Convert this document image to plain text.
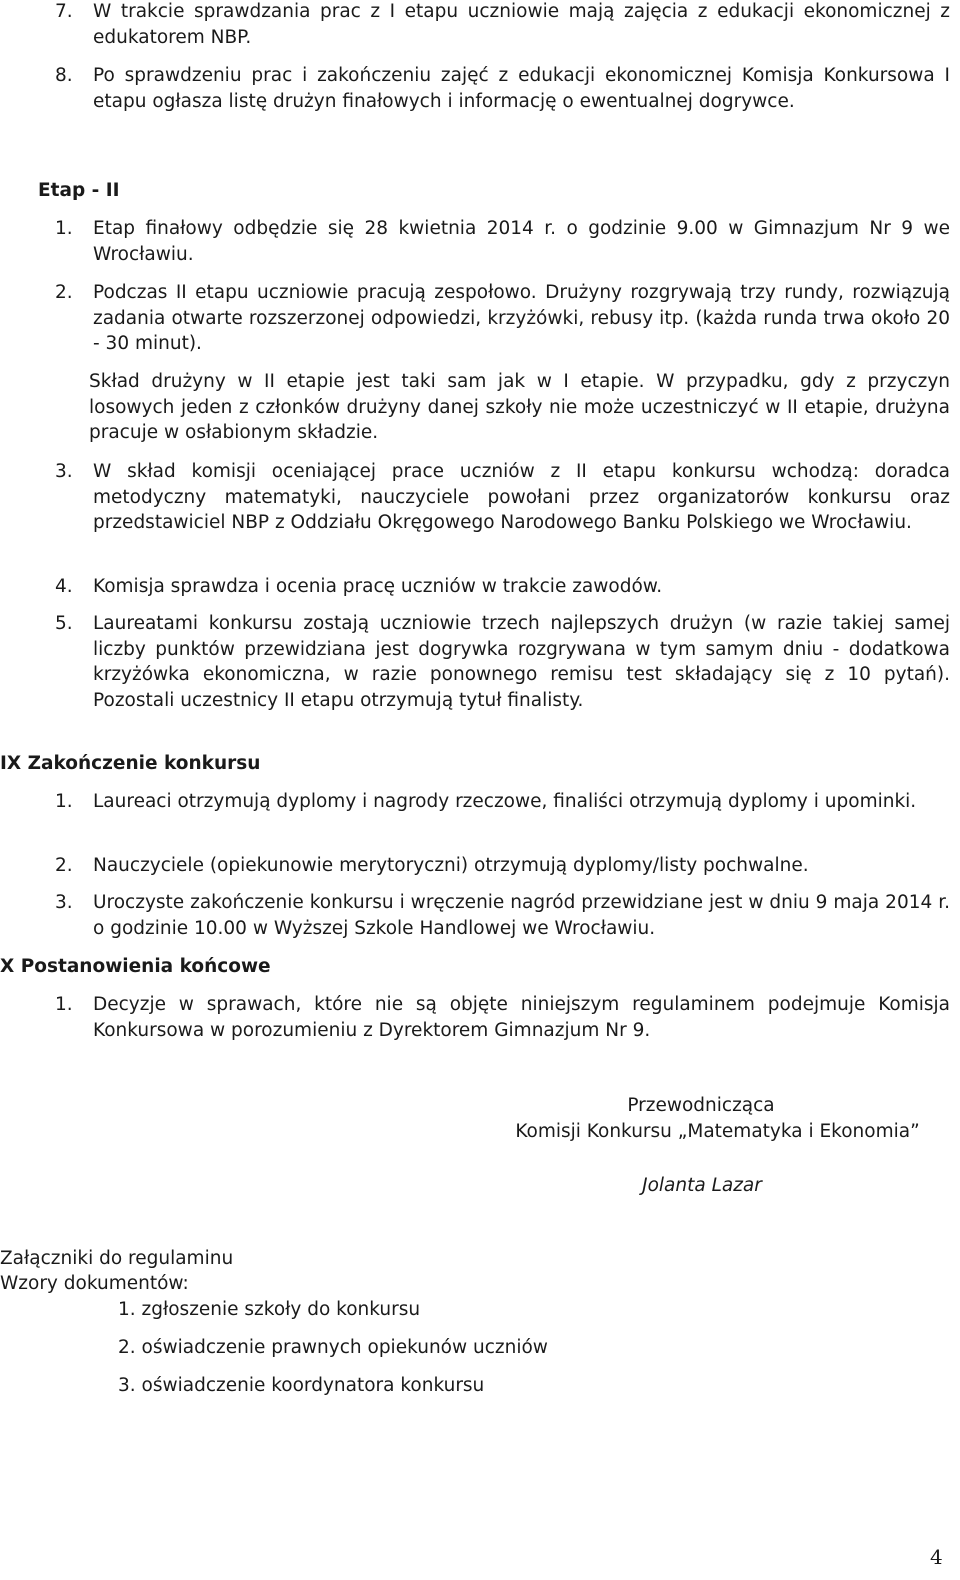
7.	W trakcie sprawdzania prac z I etapu uczniowie mają zajęcia z edukacji ekonomicznej z edukatorem NBP.
8.	Po sprawdzeniu prac i zakończeniu zajęć z edukacji ekonomicznej Komisja Konkursowa I etapu ogłasza listę drużyn finałowych i informację o ewentualnej dogrywce.
Etap - II
1.	Etap finałowy odbędzie się 28 kwietnia 2014 r. o godzinie 9.00 w Gimnazjum Nr 9 we Wrocławiu.
2.	Podczas II etapu uczniowie pracują zespołowo. Drużyny rozgrywają trzy rundy, rozwiązują zadania otwarte rozszerzonej odpowiedzi, krzyżówki, rebusy itp. (każda runda trwa około 20 - 30 minut).
Skład drużyny w II etapie jest taki sam jak w I etapie. W przypadku, gdy z przyczyn losowych jeden z członków drużyny danej szkoły nie może uczestniczyć w II etapie, drużyna pracuje w osłabionym składzie.
3.	W skład komisji oceniającej prace uczniów z II etapu konkursu wchodzą: doradca metodyczny matematyki, nauczyciele powołani przez organizatorów konkursu oraz przedstawiciel NBP z Oddziału Okręgowego Narodowego Banku Polskiego we Wrocławiu.
4.	Komisja sprawdza i ocenia pracę uczniów w trakcie zawodów.
5.	Laureatami konkursu zostają uczniowie trzech najlepszych drużyn (w razie takiej samej liczby punktów przewidziana jest dogrywka rozgrywana w tym samym dniu - dodatkowa krzyżówka ekonomiczna, w razie ponownego remisu test składający się z 10 pytań). Pozostali uczestnicy II etapu otrzymują tytuł finalisty.
IX Zakończenie konkursu
1.	Laureaci otrzymują dyplomy i nagrody rzeczowe, finaliści otrzymują dyplomy i upominki.
2.	Nauczyciele (opiekunowie merytoryczni) otrzymują dyplomy/listy pochwalne.
3.	Uroczyste zakończenie konkursu i wręczenie nagród przewidziane jest w dniu 9 maja 2014 r. o godzinie 10.00 w Wyższej Szkole Handlowej we Wrocławiu.
X Postanowienia końcowe
1.	Decyzje w sprawach, które nie są objęte niniejszym regulaminem podejmuje Komisja Konkursowa w porozumieniu z Dyrektorem Gimnazjum Nr 9.
Przewodnicząca
Komisji Konkursu „Matematyka i Ekonomia”
Jolanta Lazar
Załączniki do regulaminu
Wzory dokumentów:
1. zgłoszenie szkoły do konkursu
2. oświadczenie prawnych opiekunów uczniów
3. oświadczenie koordynatora konkursu
4
